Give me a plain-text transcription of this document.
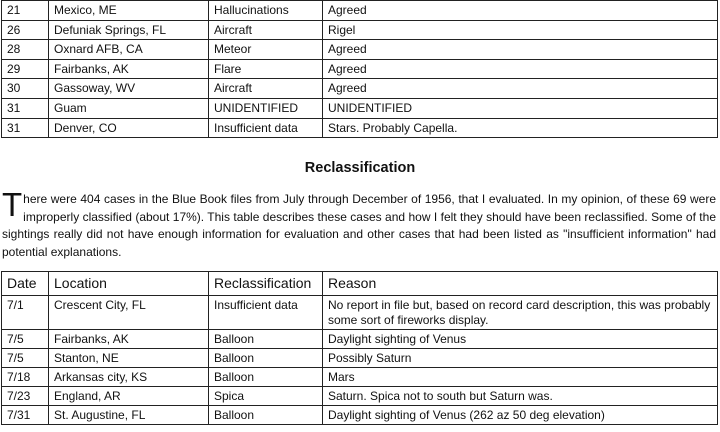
21	Mexico, ME	Hallucinations	Agreed
26	Defuniak Springs, FL	Aircraft	Rigel
28	Oxnard AFB, CA	Meteor	Agreed
29	Fairbanks, AK	Flare	Agreed
30	Gassoway, WV	Aircraft	Agreed
31	Guam	UNIDENTIFIED	UNIDENTIFIED
31	Denver, CO	Insufficient data	Stars. Probably Capella.
Reclassification

There were 404 cases in the Blue Book files from July through December of 1956, that I evaluated. In my opinion, of these 69 were improperly classified (about 17%). This table describes these cases and how I felt they should have been reclassified. Some of the sightings really did not have enough information for evaluation and other cases that had been listed as "insufficient information" had potential explanations.

Date	Location	Reclassification	Reason
7/1	Crescent City, FL	Insufficient data	No report in file but, based on record card description, this was probably some sort of fireworks display.
7/5	Fairbanks, AK	Balloon	Daylight sighting of Venus
7/5	Stanton, NE	Balloon	Possibly Saturn
7/18	Arkansas city, KS	Balloon	Mars
7/23	England, AR	Spica	Saturn. Spica not to south but Saturn was.
7/31	St. Augustine, FL	Balloon	Daylight sighting of Venus (262 az 50 deg elevation)
